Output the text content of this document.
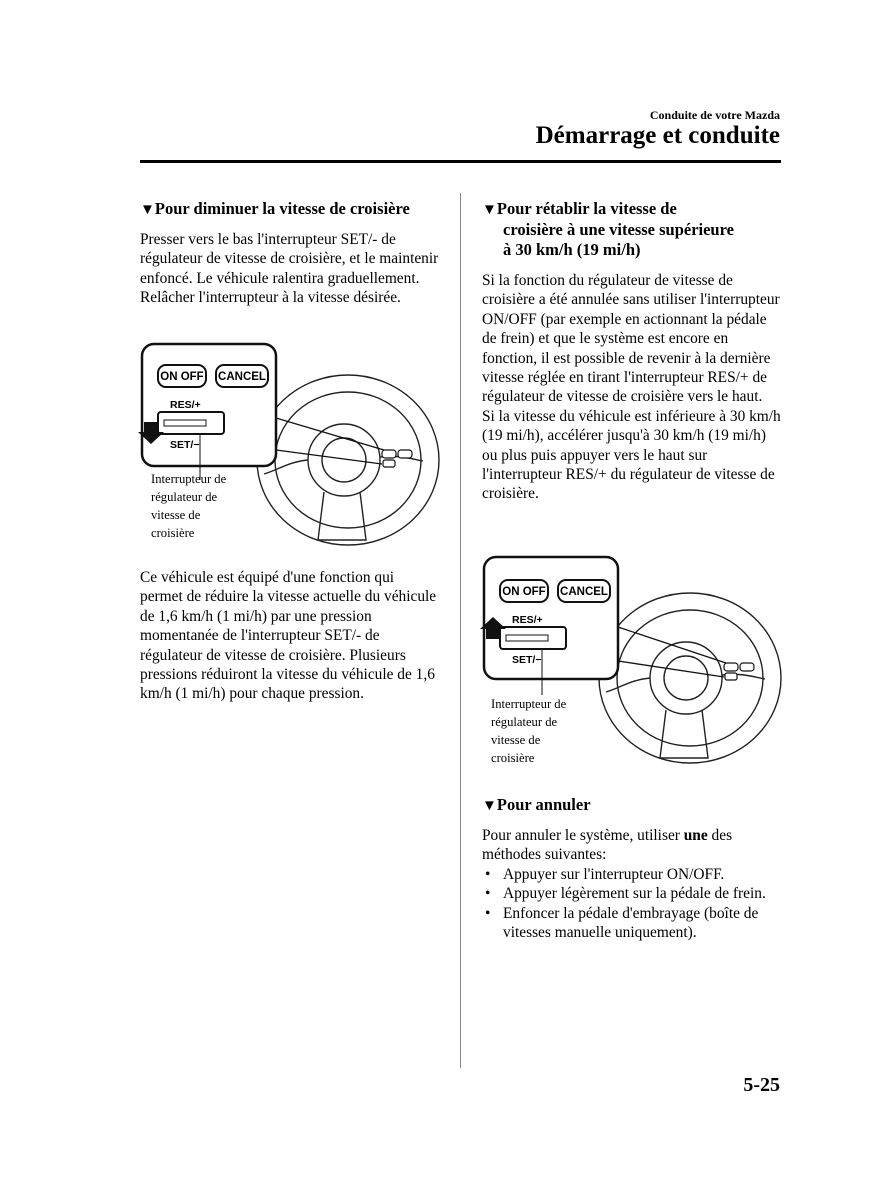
Conduite de votre Mazda
Démarrage et conduite
▼Pour diminuer la vitesse de croisière

Presser vers le bas l'interrupteur SET/- de régulateur de vitesse de croisière, et le maintenir enfoncé. Le véhicule ralentira graduellement.

Relâcher l'interrupteur à la vitesse désirée.

ON OFF CANCEL
RES/+
SET/−
Interrupteur de
régulateur de
vitesse de
croisière

Ce véhicule est équipé d'une fonction qui permet de réduire la vitesse actuelle du véhicule de 1,6 km/h (1 mi/h) par une pression momentanée de l'interrupteur SET/- de régulateur de vitesse de croisière. Plusieurs pressions réduiront la vitesse du véhicule de 1,6 km/h (1 mi/h) pour chaque pression.

▼Pour rétablir la vitesse de
croisière à une vitesse supérieure
à 30 km/h (19 mi/h)

Si la fonction du régulateur de vitesse de croisière a été annulée sans utiliser l'interrupteur ON/OFF (par exemple en actionnant la pédale de frein) et que le système est encore en fonction, il est possible de revenir à la dernière vitesse réglée en tirant l'interrupteur RES/+ de régulateur de vitesse de croisière vers le haut.

Si la vitesse du véhicule est inférieure à 30 km/h (19 mi/h), accélérer jusqu'à 30 km/h (19 mi/h) ou plus puis appuyer vers le haut sur l'interrupteur RES/+ du régulateur de vitesse de croisière.

ON OFF CANCEL
RES/+
SET/−
Interrupteur de
régulateur de
vitesse de
croisière
▼Pour annuler

Pour annuler le système, utiliser une des méthodes suivantes:

• Appuyer sur l'interrupteur ON/OFF.
• Appuyer légèrement sur la pédale de frein.
• Enfoncer la pédale d'embrayage (boîte de vitesses manuelle uniquement).
5-25
